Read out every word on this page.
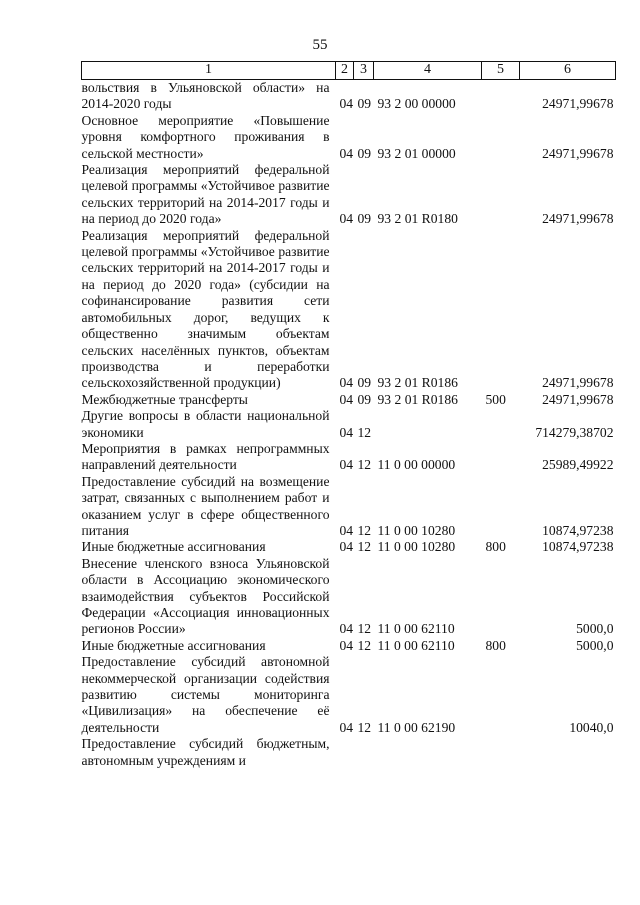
55
1	2	3	4	5	6
вольствия в Ульяновской области» на 2014-2020 годы	04	09	93 2 00 00000		24971,99678
Основное мероприятие «Повышение уровня комфортного проживания в сельской местности»	04	09	93 2 01 00000		24971,99678
Реализация мероприятий федеральной целевой программы «Устойчивое развитие сельских территорий на 2014-2017 годы и на период до 2020 года»	04	09	93 2 01 R0180		24971,99678
Реализация мероприятий федеральной целевой программы «Устойчивое развитие сельских территорий на 2014-2017 годы и на период до 2020 года» (субсидии на софинансирование развития сети автомобильных дорог, ведущих к общественно значимым объектам сельских населённых пунктов, объектам производства и переработки сельскохозяйственной продукции)	04	09	93 2 01 R0186		24971,99678
Межбюджетные трансферты	04	09	93 2 01 R0186	500	24971,99678
Другие вопросы в области национальной экономики	04	12			714279,38702
Мероприятия в рамках непрограммных направлений деятельности	04	12	11 0 00 00000		25989,49922
Предоставление субсидий на возмещение затрат, связанных с выполнением работ и оказанием услуг в сфере общественного питания	04	12	11 0 00 10280		10874,97238
Иные бюджетные ассигнования	04	12	11 0 00 10280	800	10874,97238
Внесение членского взноса Ульяновской области в Ассоциацию экономического взаимодействия субъектов Российской Федерации «Ассоциация инновационных регионов России»	04	12	11 0 00 62110		5000,0
Иные бюджетные ассигнования	04	12	11 0 00 62110	800	5000,0
Предоставление субсидий автономной некоммерческой организации содействия развитию системы мониторинга «Цивилизация» на обеспечение её деятельности	04	12	11 0 00 62190		10040,0
Предоставление субсидий бюджетным, автономным учреждениям и					
